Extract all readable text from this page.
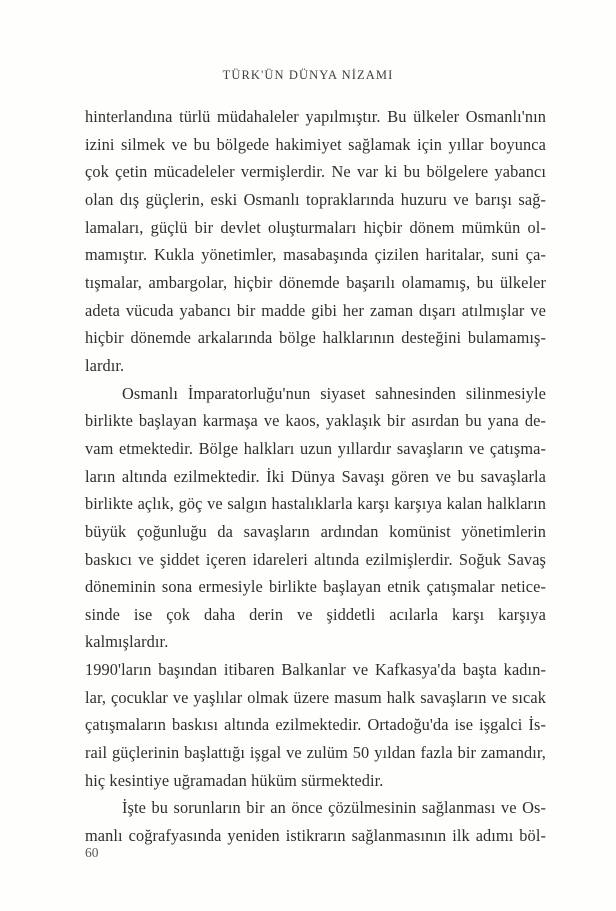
TÜRK'ÜN DÜNYA NİZAMI
hinterlandına türlü müdahaleler yapılmıştır. Bu ülkeler Osmanlı'nın
izini silmek ve bu bölgede hakimiyet sağlamak için yıllar boyunca
çok çetin mücadeleler vermişlerdir. Ne var ki bu bölgelere yabancı
olan dış güçlerin, eski Osmanlı topraklarında huzuru ve barışı sağ-
lamaları, güçlü bir devlet oluşturmaları hiçbir dönem mümkün ol-
mamıştır. Kukla yönetimler, masabaşında çizilen haritalar, suni ça-
tışmalar, ambargolar, hiçbir dönemde başarılı olamamış, bu ülkeler
adeta vücuda yabancı bir madde gibi her zaman dışarı atılmışlar ve
hiçbir dönemde arkalarında bölge halklarının desteğini bulamamış-
lardır.
Osmanlı İmparatorluğu'nun siyaset sahnesinden silinmesiyle
birlikte başlayan karmaşa ve kaos, yaklaşık bir asırdan bu yana de-
vam etmektedir. Bölge halkları uzun yıllardır savaşların ve çatışma-
ların altında ezilmektedir. İki Dünya Savaşı gören ve bu savaşlarla
birlikte açlık, göç ve salgın hastalıklarla karşı karşıya kalan halkların
büyük çoğunluğu da savaşların ardından komünist yönetimlerin
baskıcı ve şiddet içeren idareleri altında ezilmişlerdir. Soğuk Savaş
döneminin sona ermesiyle birlikte başlayan etnik çatışmalar netice-
sinde ise çok daha derin ve şiddetli acılarla karşı karşıya kalmışlardır.
1990'ların başından itibaren Balkanlar ve Kafkasya'da başta kadın-
lar, çocuklar ve yaşlılar olmak üzere masum halk savaşların ve sıcak
çatışmaların baskısı altında ezilmektedir. Ortadoğu'da ise işgalci İs-
rail güçlerinin başlattığı işgal ve zulüm 50 yıldan fazla bir zamandır,
hiç kesintiye uğramadan hüküm sürmektedir.
İşte bu sorunların bir an önce çözülmesinin sağlanması ve Os-
manlı coğrafyasında yeniden istikrarın sağlanmasının ilk adımı böl-
60
